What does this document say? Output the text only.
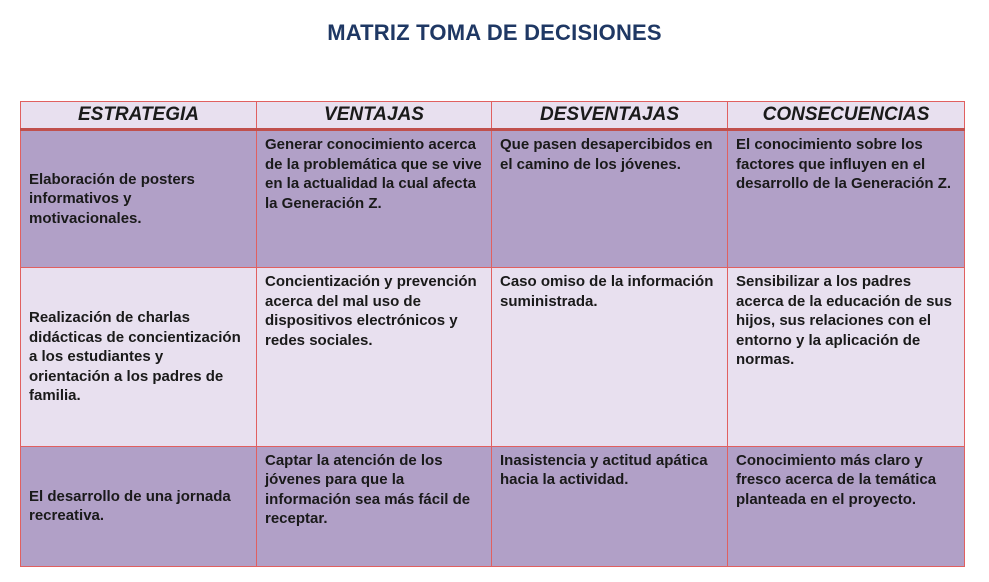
MATRIZ TOMA DE DECISIONES
ESTRATEGIA	VENTAJAS	DESVENTAJAS	CONSECUENCIAS
Elaboración de posters informativos y motivacionales.	Generar conocimiento acerca de la problemática que se vive en la actualidad la cual afecta la Generación Z.	Que pasen desapercibidos en el camino de los jóvenes.	El conocimiento sobre los factores que influyen en el desarrollo de la Generación Z.
Realización de charlas didácticas de concientización a los estudiantes y orientación a los padres de familia.	Concientización y prevención acerca del mal uso de dispositivos electrónicos y redes sociales.	Caso omiso de la información suministrada.	Sensibilizar a los padres acerca de la educación de sus hijos, sus relaciones con el entorno y la aplicación de normas.
El desarrollo de una jornada recreativa.	Captar la atención de los jóvenes para que la información sea más fácil de receptar.	Inasistencia y actitud apática hacia la actividad.	Conocimiento más claro y fresco acerca de la temática planteada en el proyecto.
